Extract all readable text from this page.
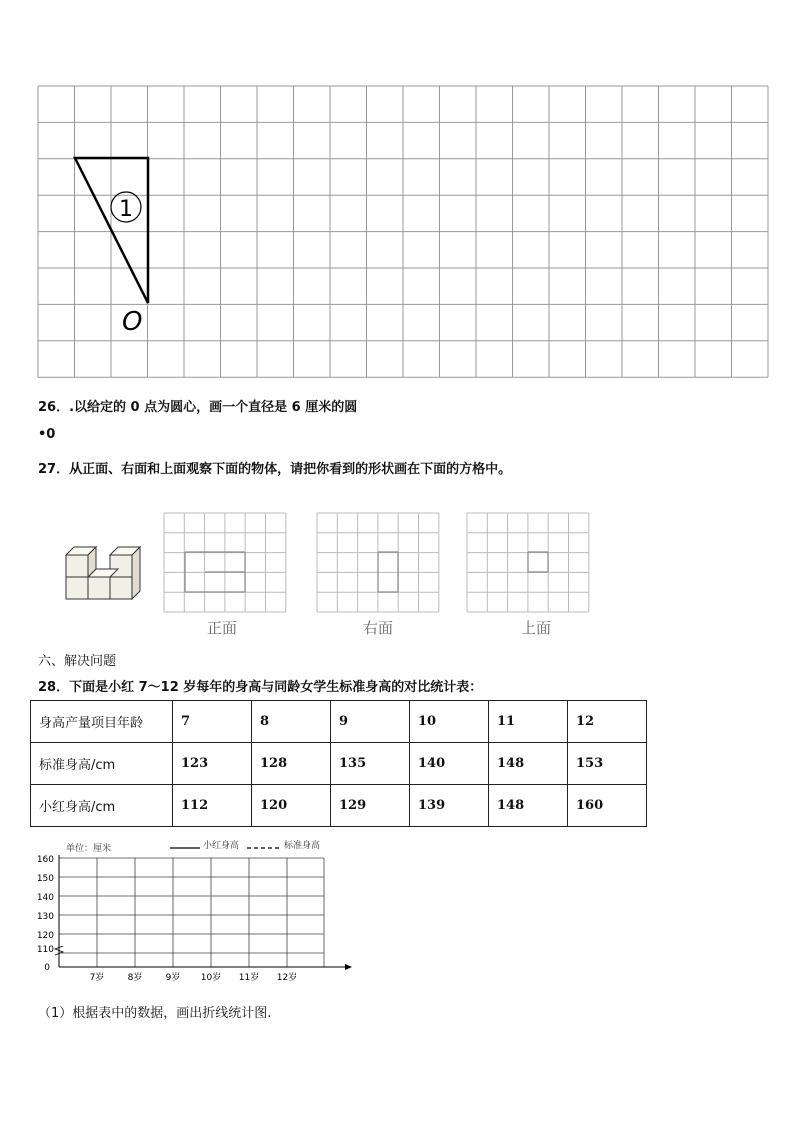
1
O
26．.以给定的 0 点为圆心，画一个直径是 6 厘米的圆
•0
27．从正面、右面和上面观察下面的物体，请把你看到的形状画在下面的方格中。
正面	右面	上面
六、解决问题
28．下面是小红 7～12 岁每年的身高与同龄女学生标准身高的对比统计表：
身高产量项目年龄	7	8	9	10	11	12
标准身高/cm	123	128	135	140	148	153
小红身高/cm	112	120	129	139	148	160
单位：厘米	小红身高	标准身高
160
150
140
130
120
110
0
7岁	8岁	9岁 10岁 11岁 12岁
（1）根据表中的数据，画出折线统计图.
